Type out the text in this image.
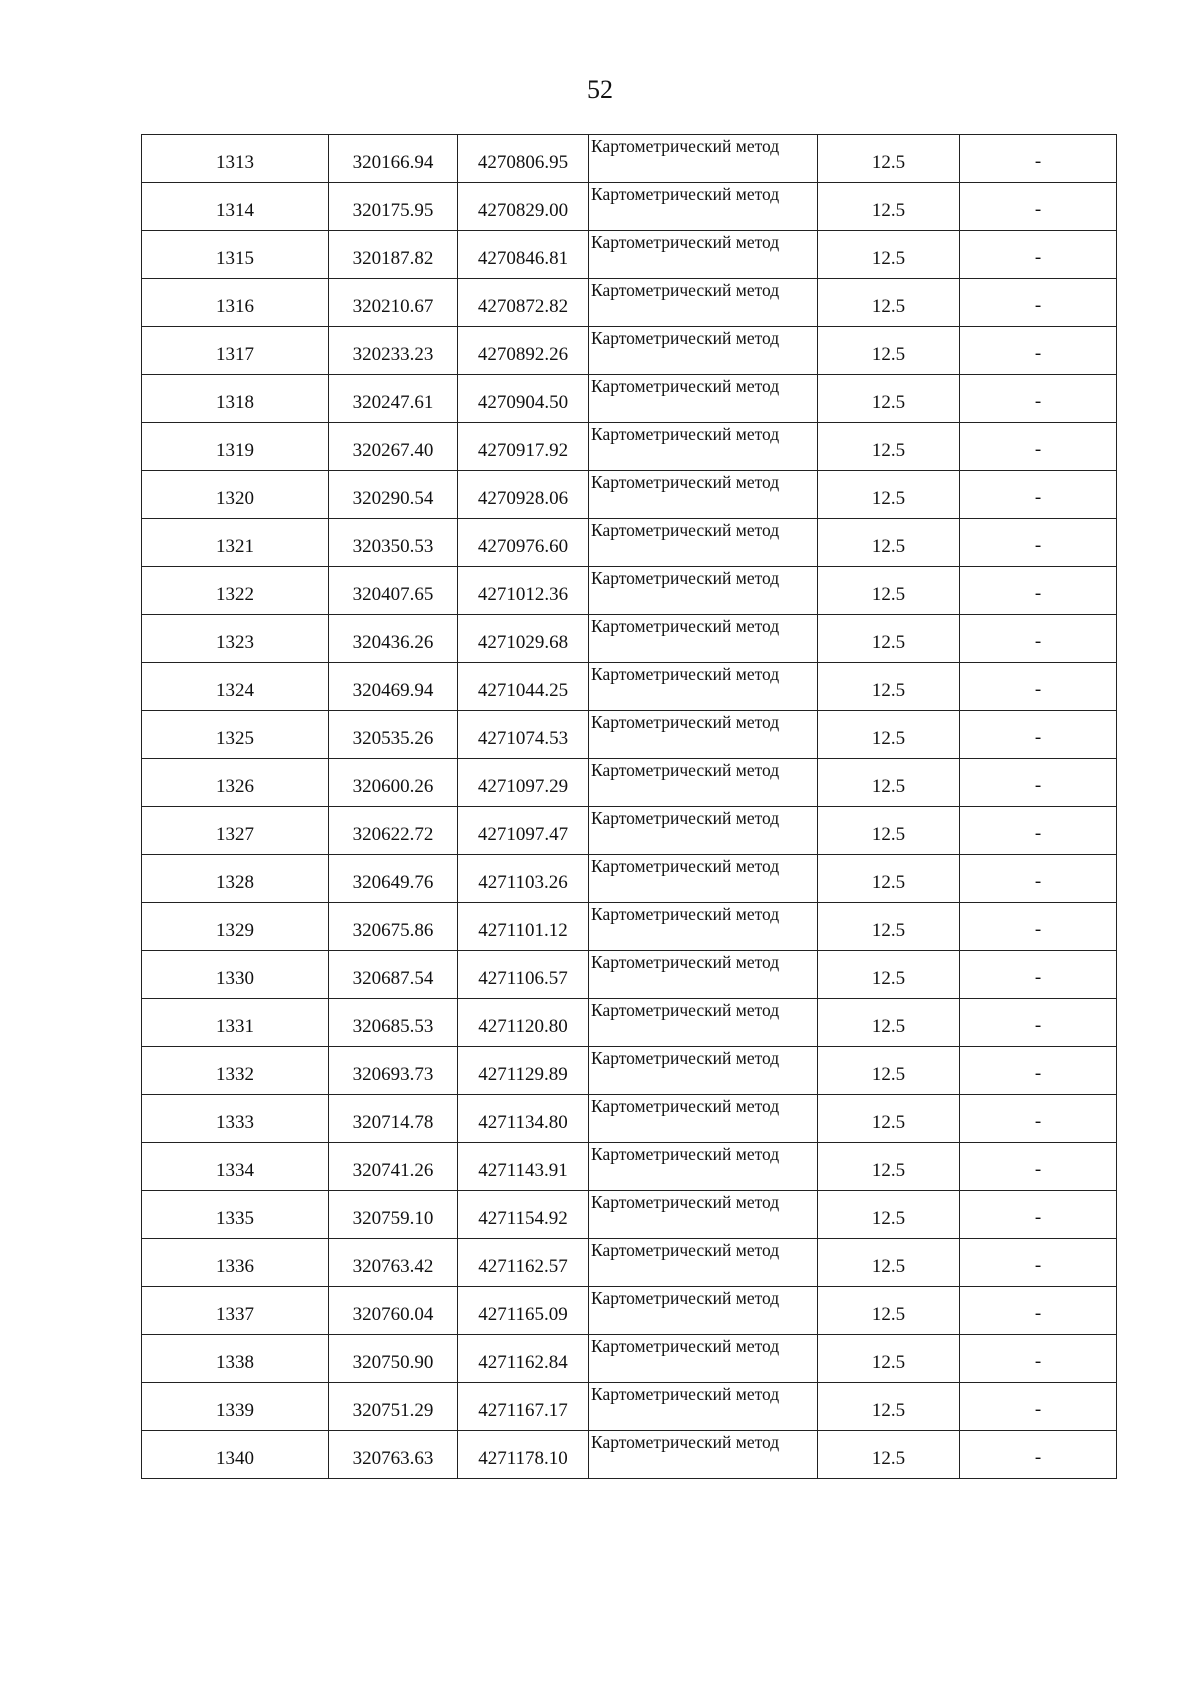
52
1313	320166.94	4270806.95	Картометрический метод	12.5	-
1314	320175.95	4270829.00	Картометрический метод	12.5	-
1315	320187.82	4270846.81	Картометрический метод	12.5	-
1316	320210.67	4270872.82	Картометрический метод	12.5	-
1317	320233.23	4270892.26	Картометрический метод	12.5	-
1318	320247.61	4270904.50	Картометрический метод	12.5	-
1319	320267.40	4270917.92	Картометрический метод	12.5	-
1320	320290.54	4270928.06	Картометрический метод	12.5	-
1321	320350.53	4270976.60	Картометрический метод	12.5	-
1322	320407.65	4271012.36	Картометрический метод	12.5	-
1323	320436.26	4271029.68	Картометрический метод	12.5	-
1324	320469.94	4271044.25	Картометрический метод	12.5	-
1325	320535.26	4271074.53	Картометрический метод	12.5	-
1326	320600.26	4271097.29	Картометрический метод	12.5	-
1327	320622.72	4271097.47	Картометрический метод	12.5	-
1328	320649.76	4271103.26	Картометрический метод	12.5	-
1329	320675.86	4271101.12	Картометрический метод	12.5	-
1330	320687.54	4271106.57	Картометрический метод	12.5	-
1331	320685.53	4271120.80	Картометрический метод	12.5	-
1332	320693.73	4271129.89	Картометрический метод	12.5	-
1333	320714.78	4271134.80	Картометрический метод	12.5	-
1334	320741.26	4271143.91	Картометрический метод	12.5	-
1335	320759.10	4271154.92	Картометрический метод	12.5	-
1336	320763.42	4271162.57	Картометрический метод	12.5	-
1337	320760.04	4271165.09	Картометрический метод	12.5	-
1338	320750.90	4271162.84	Картометрический метод	12.5	-
1339	320751.29	4271167.17	Картометрический метод	12.5	-
1340	320763.63	4271178.10	Картометрический метод	12.5	-
